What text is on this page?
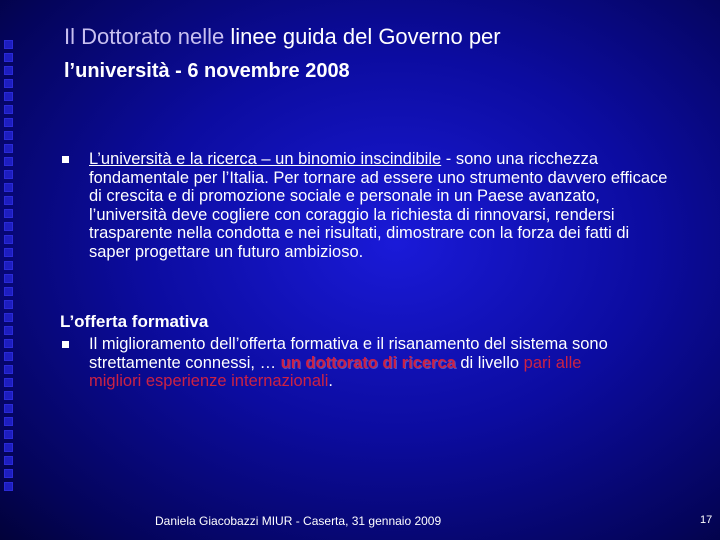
Il Dottorato nelle linee guida del Governo per
l’università - 6 novembre 2008
L’università e la ricerca – un binomio inscindibile - sono una ricchezza fondamentale per l’Italia. Per tornare ad essere uno strumento davvero efficace di crescita e di promozione sociale e personale in un Paese avanzato, l’università deve cogliere con coraggio la richiesta di rinnovarsi, rendersi trasparente nella condotta e nei risultati, dimostrare con la forza dei fatti di saper progettare un futuro ambizioso.
L’offerta formativa
Il miglioramento dell’offerta formativa e il risanamento del sistema sono strettamente connessi, … un dottorato di ricerca di livello pari alle migliori esperienze internazionali.
Daniela Giacobazzi MIUR - Caserta, 31 gennaio 2009	17
